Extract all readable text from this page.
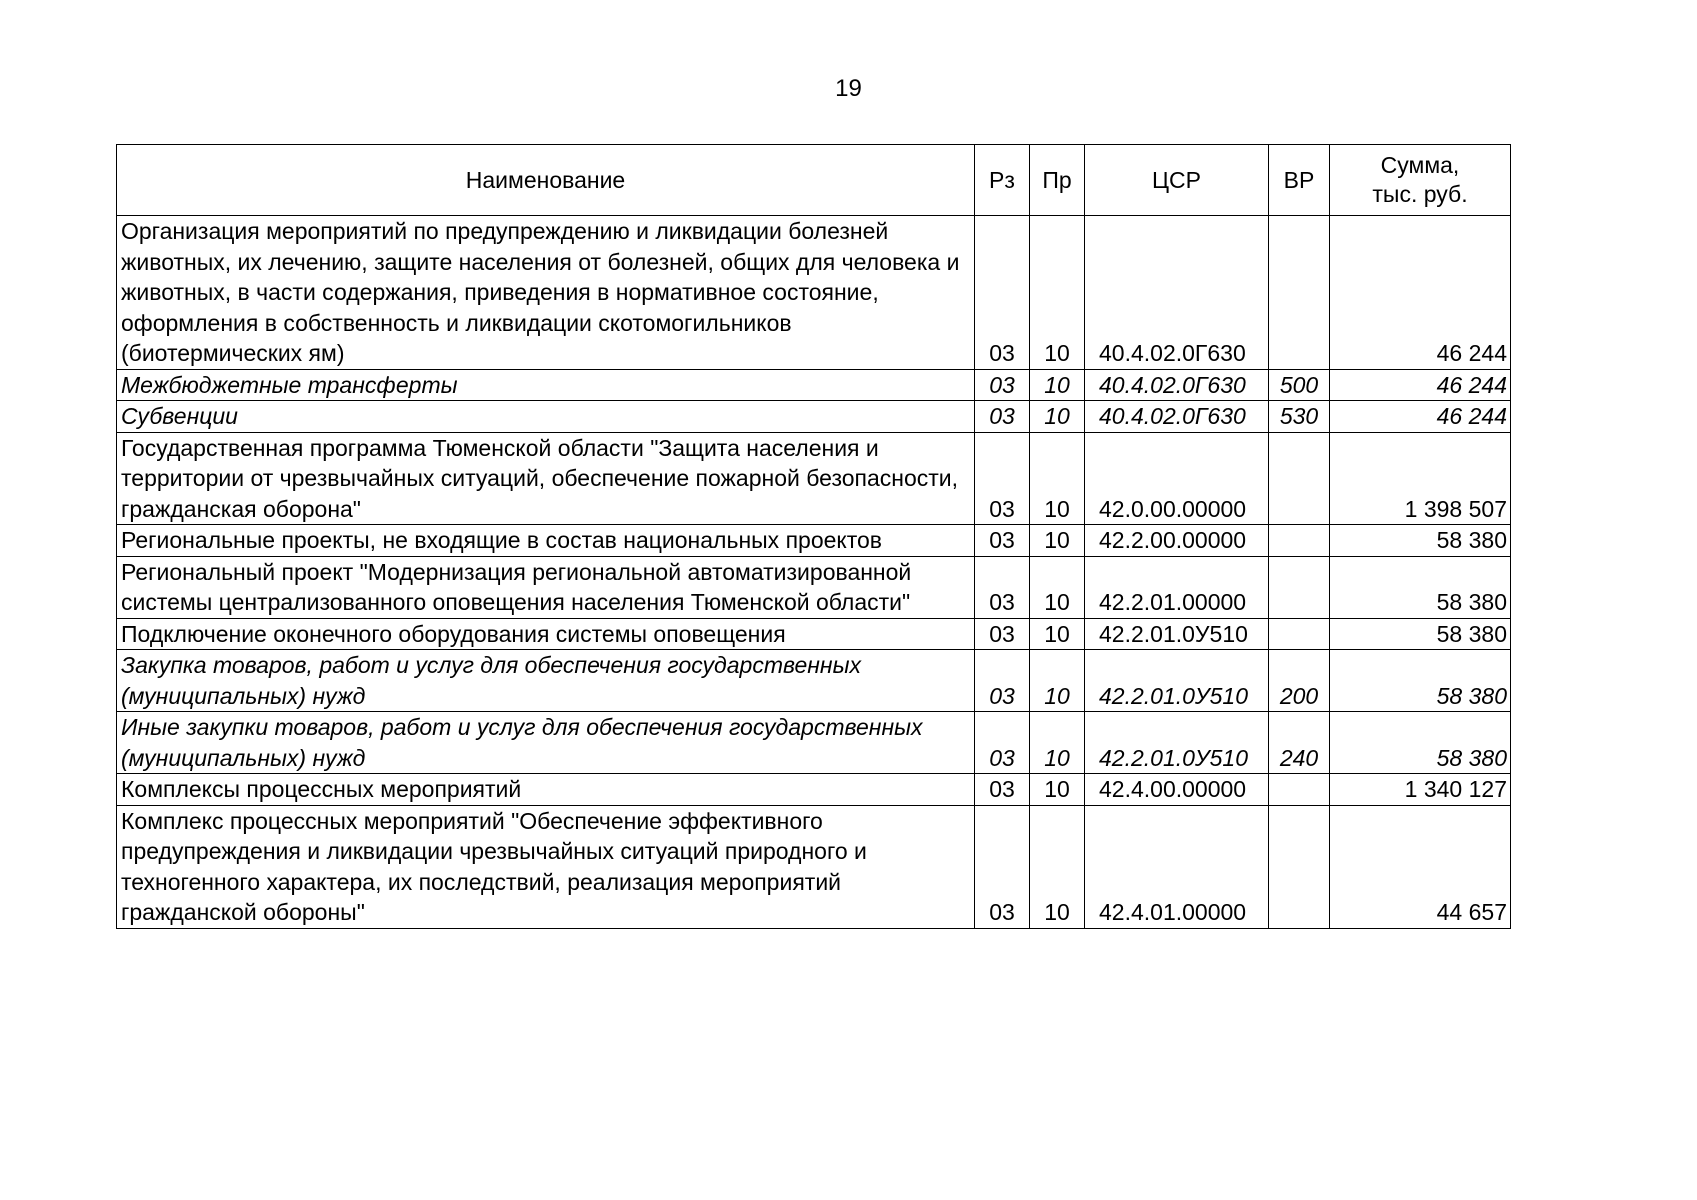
19
Наименование	Рз	Пр	ЦСР	ВР	Сумма,
тыс. руб.
Организация мероприятий по предупреждению и ликвидации болезней животных, их лечению, защите населения от болезней, общих для человека и животных, в части содержания, приведения в нормативное состояние, оформления в собственность и ликвидации скотомогильников (биотермических ям)	03	10	40.4.02.0Г630		46 244
Межбюджетные трансферты	03	10	40.4.02.0Г630	500	46 244
Субвенции	03	10	40.4.02.0Г630	530	46 244
Государственная программа Тюменской области "Защита населения и территории от чрезвычайных ситуаций, обеспечение пожарной безопасности, гражданская оборона"	03	10	42.0.00.00000		1 398 507
Региональные проекты, не входящие в состав национальных проектов	03	10	42.2.00.00000		58 380
Региональный проект "Модернизация региональной автоматизированной системы централизованного оповещения населения Тюменской области"	03	10	42.2.01.00000		58 380
Подключение оконечного оборудования системы оповещения	03	10	42.2.01.0У510		58 380
Закупка товаров, работ и услуг для обеспечения государственных (муниципальных) нужд	03	10	42.2.01.0У510	200	58 380
Иные закупки товаров, работ и услуг для обеспечения государственных (муниципальных) нужд	03	10	42.2.01.0У510	240	58 380
Комплексы процессных мероприятий	03	10	42.4.00.00000		1 340 127
Комплекс процессных мероприятий "Обеспечение эффективного предупреждения и ликвидации чрезвычайных ситуаций природного и техногенного характера, их последствий, реализация мероприятий гражданской обороны"	03	10	42.4.01.00000		44 657
